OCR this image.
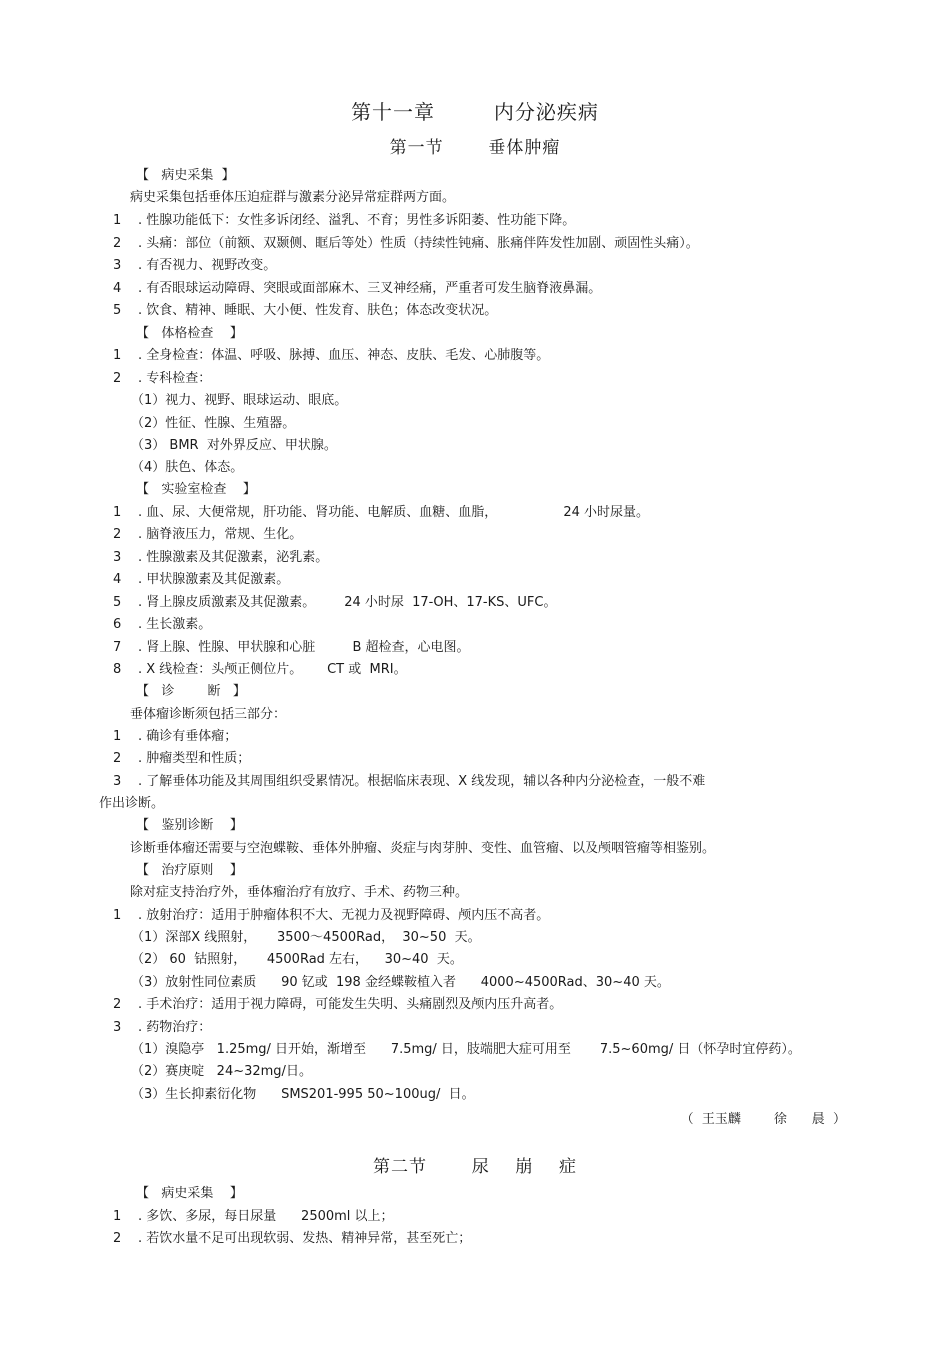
第十一章        内分泌疾病
第一节       垂体肿瘤
【   病史采集  】
病史采集包括垂体压迫症群与激素分泌异常症群两方面。
1 . 性腺功能低下：女性多诉闭经、溢乳、不育；男性多诉阳萎、性功能下降。
2 . 头痛：部位（前额、双颞侧、眶后等处）性质（持续性钝痛、胀痛伴阵发性加剧、顽固性头痛）。
3 . 有否视力、视野改变。
4 . 有否眼球运动障碍、突眼或面部麻木、三叉神经痛，严重者可发生脑脊液鼻漏。
5 . 饮食、精神、睡眠、大小便、性发育、肤色；体态改变状况。
【   体格检查    】
1 . 全身检查：体温、呼吸、脉搏、血压、神态、皮肤、毛发、心肺腹等。
2 . 专科检查：
（1）视力、视野、眼球运动、眼底。
（2）性征、性腺、生殖器。
（3） BMR  对外界反应、甲状腺。
（4）肤色、体态。
【   实验室检查    】
1 . 血、尿、大便常规，肝功能、肾功能、电解质、血糖、血脂，                24 小时尿量。
2 . 脑脊液压力，常规、生化。
3 . 性腺激素及其促激素，泌乳素。
4 . 甲状腺激素及其促激素。
5 . 肾上腺皮质激素及其促激素。       24 小时尿  17-OH、17-KS、UFC。
6 . 生长激素。
7 . 肾上腺、性腺、甲状腺和心脏         B 超检查，心电图。
8 . X 线检查：头颅正侧位片。      CT 或  MRI。
【   诊        断   】
垂体瘤诊断须包括三部分：
1 . 确诊有垂体瘤；
2 . 肿瘤类型和性质；
3 . 了解垂体功能及其周围组织受累情况。根据临床表现、X 线发现，辅以各种内分泌检查，一般不难
作出诊断。
【   鉴别诊断    】
诊断垂体瘤还需要与空泡蝶鞍、垂体外肿瘤、炎症与肉芽肿、变性、血管瘤、以及颅咽管瘤等相鉴别。
【   治疗原则    】
除对症支持治疗外，垂体瘤治疗有放疗、手术、药物三种。
1 . 放射治疗：适用于肿瘤体积不大、无视力及视野障碍、颅内压不高者。
（1）深部X 线照射，     3500～4500Rad，  30~50  天。
（2） 60  钴照射，     4500Rad 左右，    30~40  天。
（3）放射性同位素质      90 钇或  198 金经蝶鞍植入者      4000~4500Rad、30~40 天。
2 . 手术治疗：适用于视力障碍，可能发生失明、头痛剧烈及颅内压升高者。
3 . 药物治疗：
（1）溴隐亭   1.25mg/ 日开始，渐增至      7.5mg/ 日，肢端肥大症可用至       7.5~60mg/ 日（怀孕时宜停药）。
（2）赛庚啶   24~32mg/日。
（3）生长抑素衍化物      SMS201-995 50~100ug/  日。
（  王玉麟        徐      晨  ）
第二节       尿    崩    症
【   病史采集    】
1 . 多饮、多尿，每日尿量      2500ml 以上；
2 . 若饮水量不足可出现软弱、发热、精神异常，甚至死亡；
